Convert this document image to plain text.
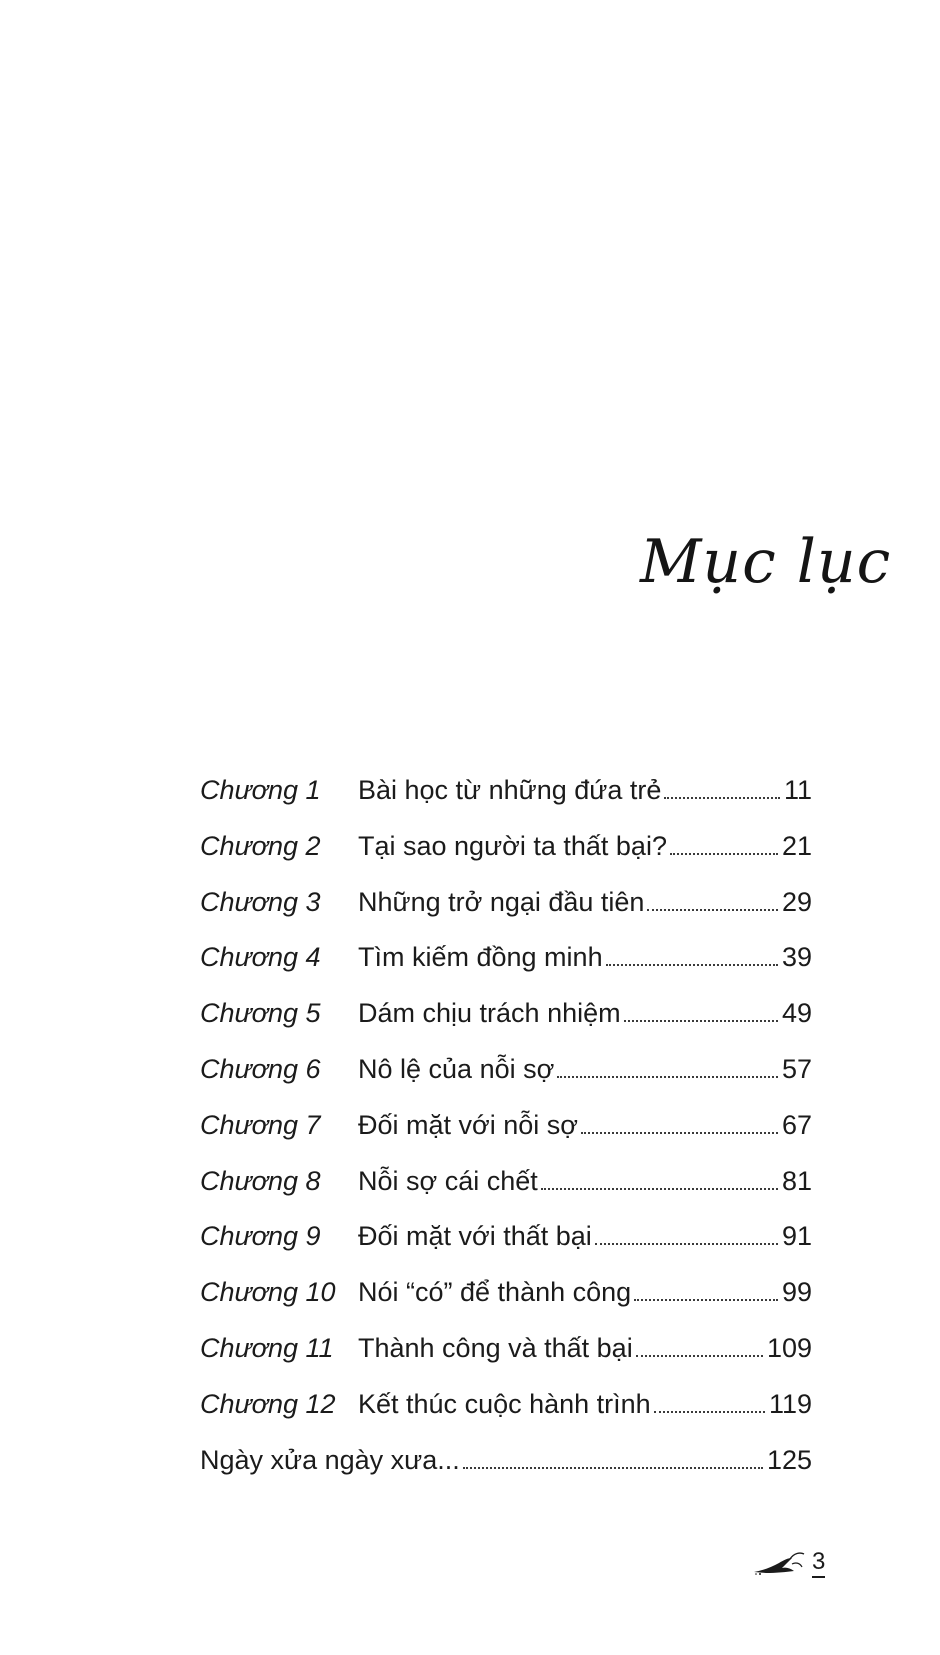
Mục lục
Chương 1	Bài học từ những đứa trẻ	11
Chương 2	Tại sao người ta thất bại?	21
Chương 3	Những trở ngại đầu tiên	29
Chương 4	Tìm kiếm đồng minh	39
Chương 5	Dám chịu trách nhiệm	49
Chương 6	Nô lệ của nỗi sợ	57
Chương 7	Đối mặt với nỗi sợ	67
Chương 8	Nỗi sợ cái chết	81
Chương 9	Đối mặt với thất bại	91
Chương 10 Nói “có” để thành công	99
Chương 11 Thành công và thất bại	109
Chương 12 Kết thúc cuộc hành trình	119
Ngày xửa ngày xưa...	125
3
